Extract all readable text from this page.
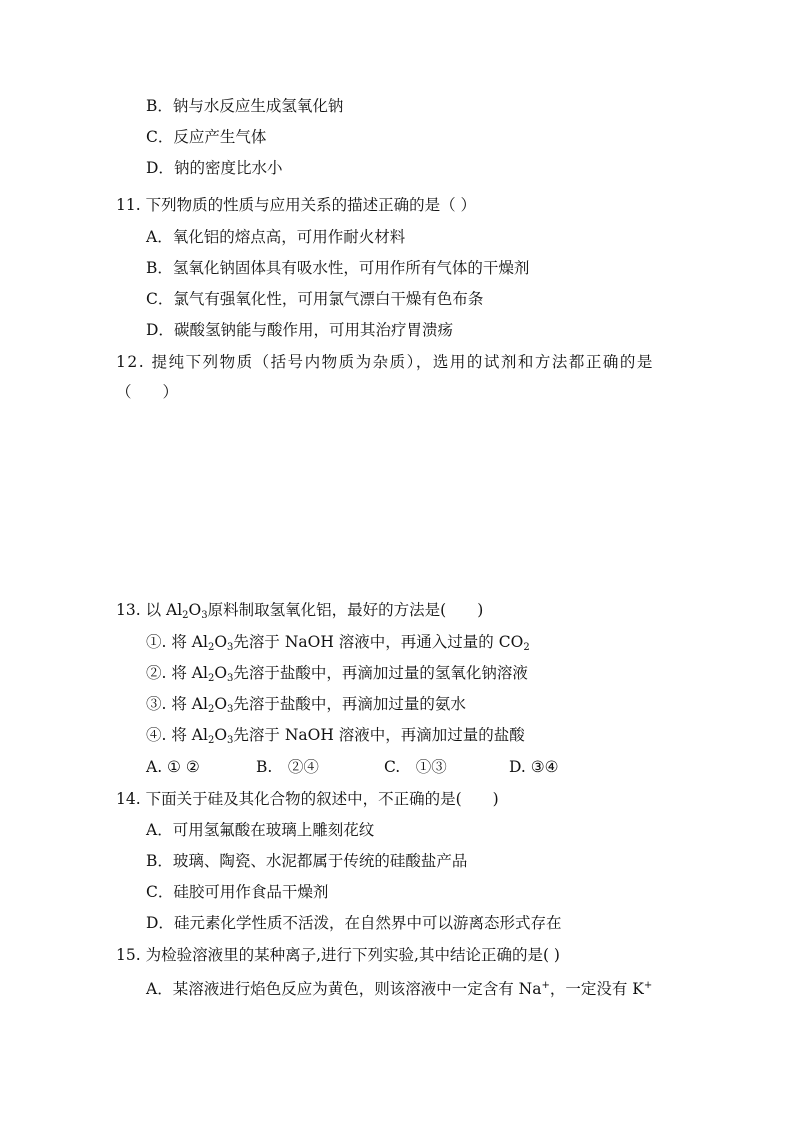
B．钠与水反应生成氢氧化钠
C．反应产生气体
D．钠的密度比水小
11. 下列物质的性质与应用关系的描述正确的是（ ）
A．氧化铝的熔点高，可用作耐火材料
B．氢氧化钠固体具有吸水性，可用作所有气体的干燥剂
C．氯气有强氧化性，可用氯气漂白干燥有色布条
D．碳酸氢钠能与酸作用，可用其治疗胃溃疡
12. 提纯下列物质（括号内物质为杂质），选用的试剂和方法都正确的是
（　　）
13. 以 $Al_2O_3$原料制取氢氧化铝，最好的方法是(　　)
①. 将 $Al_2O_3$先溶于 NaOH 溶液中，再通入过量的 $CO_2$
②. 将 $Al_2O_3$先溶于盐酸中，再滴加过量的氢氧化钠溶液
③. 将 $Al_2O_3$先溶于盐酸中，再滴加过量的氨水
④. 将 $Al_2O_3$先溶于 NaOH 溶液中，再滴加过量的盐酸
A. ① ②	B.　②④	C.　①③	D. ③④
14. 下面关于硅及其化合物的叙述中，不正确的是(　　)
A．可用氢氟酸在玻璃上雕刻花纹
B．玻璃、陶瓷、水泥都属于传统的硅酸盐产品
C．硅胶可用作食品干燥剂
D．硅元素化学性质不活泼，在自然界中可以游离态形式存在
15. 为检验溶液里的某种离子,进行下列实验,其中结论正确的是( )
A．某溶液进行焰色反应为黄色，则该溶液中一定含有 Na+，一定没有 K+
